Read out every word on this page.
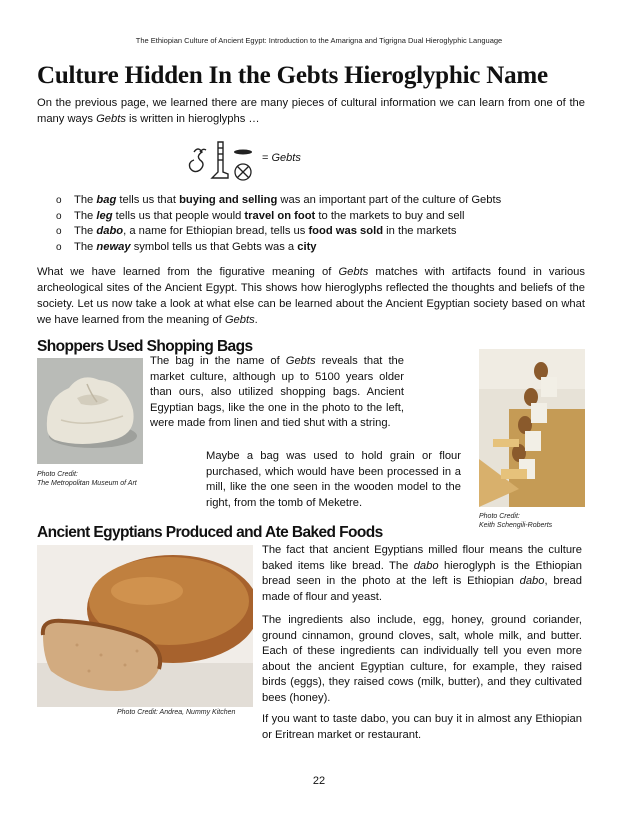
The Ethiopian Culture of Ancient Egypt: Introduction to the Amarigna and Tigrigna Dual Hieroglyphic Language
Culture Hidden In the Gebts Hieroglyphic Name
On the previous page, we learned there are many pieces of cultural information we can learn from one of the many ways Gebts is written in hieroglyphs …
= Gebts
o The bag tells us that buying and selling was an important part of the culture of Gebts
o The leg tells us that people would travel on foot to the markets to buy and sell
o The dabo, a name for Ethiopian bread, tells us food was sold in the markets
o The neway symbol tells us that Gebts was a city
What we have learned from the figurative meaning of Gebts matches with artifacts found in various archeological sites of the Ancient Egypt. This shows how hieroglyphs reflected the thoughts and beliefs of the society. Let us now take a look at what else can be learned about the Ancient Egyptian society based on what we have learned from the meaning of Gebts.
Shoppers Used Shopping Bags
The bag in the name of Gebts reveals that the market culture, although up to 5100 years older than ours, also utilized shopping bags. Ancient Egyptian bags, like the one in the photo to the left, were made from linen and tied shut with a string.
Maybe a bag was used to hold grain or flour purchased, which would have been processed in a mill, like the one seen in the wooden model to the right, from the tomb of Meketre.
Photo Credit:
The Metropolitan Museum of Art
Photo Credit:
Keith Schengili-Roberts
Ancient Egyptians Produced and Ate Baked Foods
Photo Credit: Andrea, Nummy Kitchen
The fact that ancient Egyptians milled flour means the culture baked items like bread. The dabo hieroglyph is the Ethiopian bread seen in the photo at the left is Ethiopian dabo, bread made of flour and yeast.
The ingredients also include, egg, honey, ground coriander, ground cinnamon, ground cloves, salt, whole milk, and butter. Each of these ingredients can individually tell you even more about the ancient Egyptian culture, for example, they raised birds (eggs), they raised cows (milk, butter), and they cultivated bees (honey).
If you want to taste dabo, you can buy it in almost any Ethiopian or Eritrean market or restaurant.
22
